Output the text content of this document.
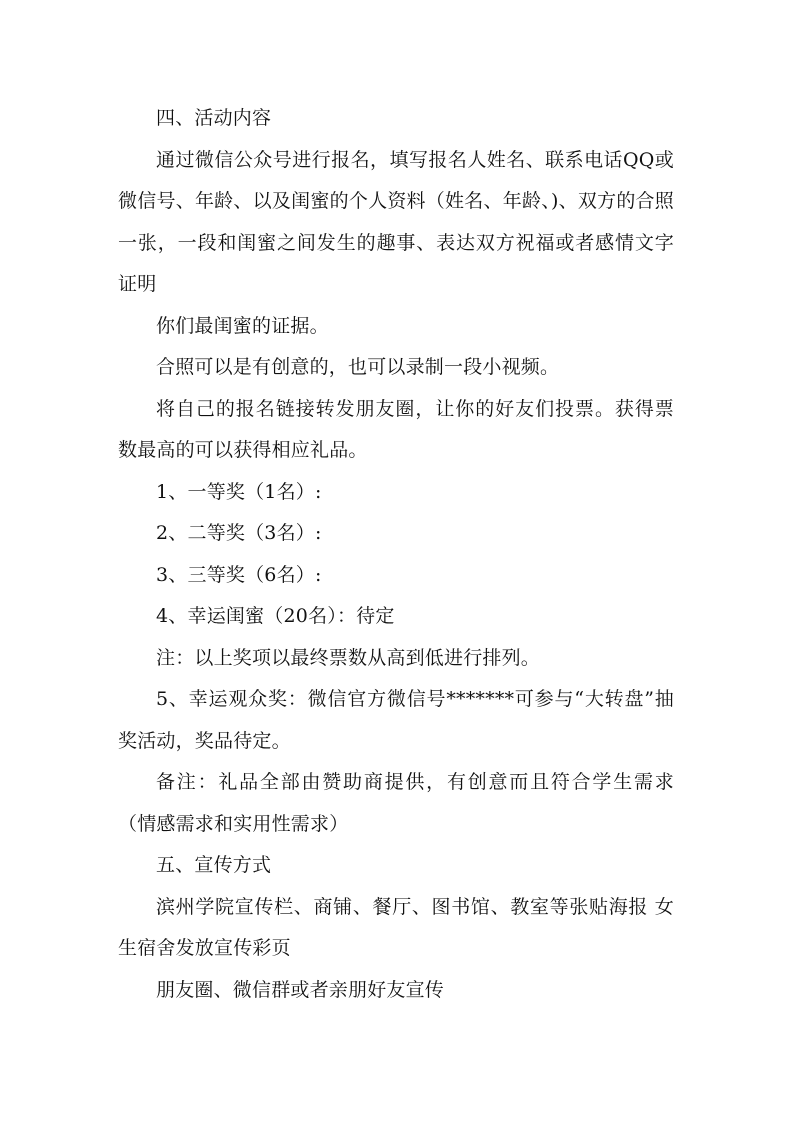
四、活动内容

通过微信公众号进行报名，填写报名人姓名、联系电话QQ或微信号、年龄、以及闺蜜的个人资料（姓名、年龄、)、双方的合照一张，一段和闺蜜之间发生的趣事、表达双方祝福或者感情文字证明

你们最闺蜜的证据。

合照可以是有创意的，也可以录制一段小视频。

将自己的报名链接转发朋友圈，让你的好友们投票。获得票数最高的可以获得相应礼品。

1、一等奖（1名）:

2、二等奖（3名）:

3、三等奖（6名）:

4、幸运闺蜜（20名）：待定

注：以上奖项以最终票数从高到低进行排列。

5、幸运观众奖：微信官方微信号*******可参与“大转盘”抽奖活动，奖品待定。

备注：礼品全部由赞助商提供，有创意而且符合学生需求（情感需求和实用性需求）

五、宣传方式

滨州学院宣传栏、商铺、餐厅、图书馆、教室等张贴海报 女生宿舍发放宣传彩页

朋友圈、微信群或者亲朋好友宣传
